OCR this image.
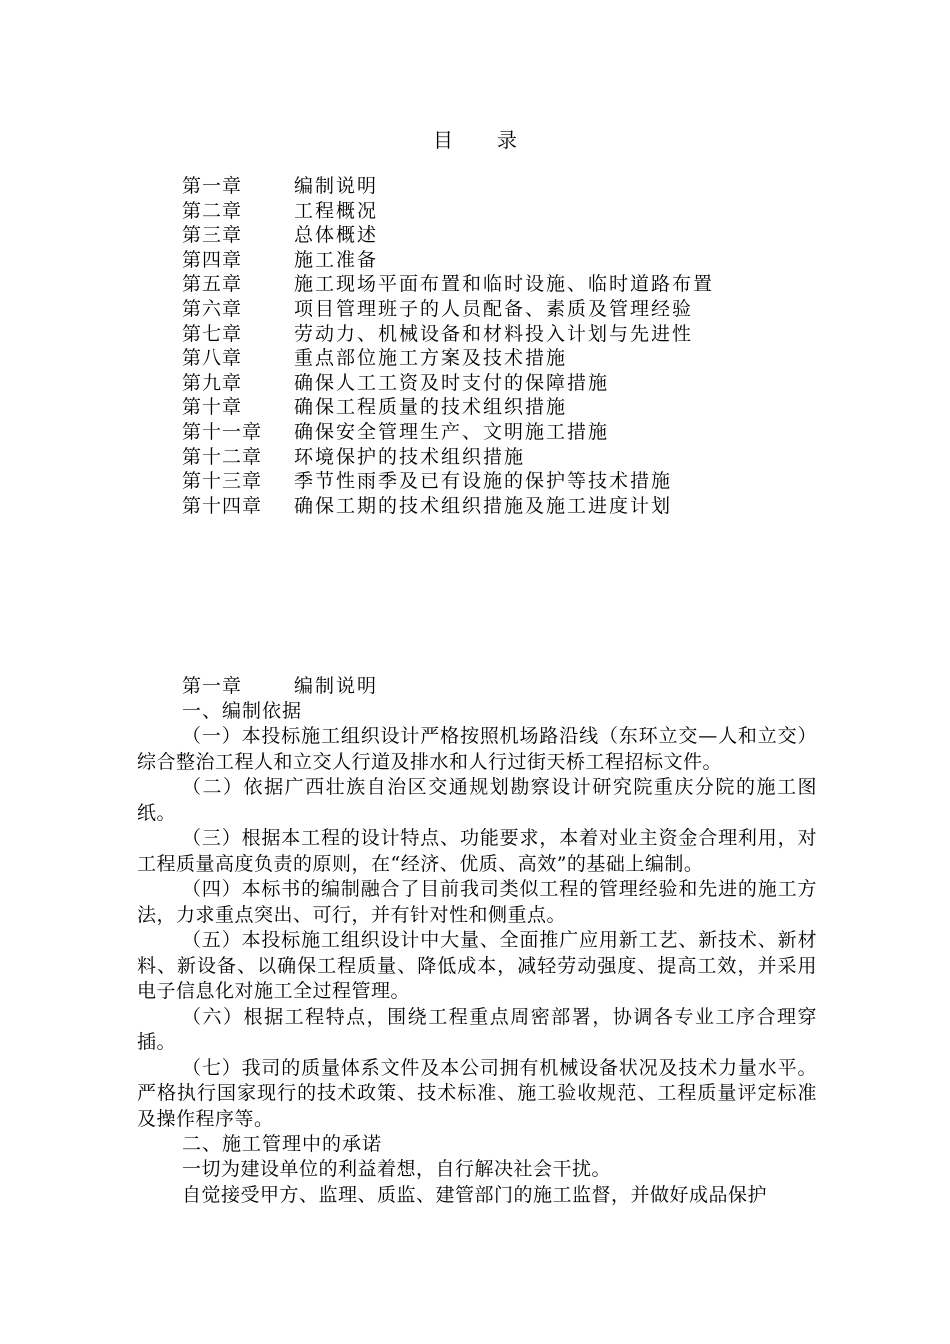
目录
第一章	编制说明
第二章	工程概况
第三章	总体概述
第四章	施工准备
第五章	施工现场平面布置和临时设施、临时道路布置
第六章	项目管理班子的人员配备、素质及管理经验
第七章	劳动力、机械设备和材料投入计划与先进性
第八章	重点部位施工方案及技术措施
第九章	确保人工工资及时支付的保障措施
第十章	确保工程质量的技术组织措施
第十一章 确保安全管理生产、文明施工措施
第十二章 环境保护的技术组织措施
第十三章 季节性雨季及已有设施的保护等技术措施
第十四章 确保工期的技术组织措施及施工进度计划
第一章	编制说明
一、编制依据

（一）本投标施工组织设计严格按照机场路沿线（东环立交—人和立交）综合整治工程人和立交人行道及排水和人行过街天桥工程招标文件。

（二）依据广西壮族自治区交通规划勘察设计研究院重庆分院的施工图纸。

（三）根据本工程的设计特点、功能要求，本着对业主资金合理利用，对工程质量高度负责的原则，在“经济、优质、高效”的基础上编制。

（四）本标书的编制融合了目前我司类似工程的管理经验和先进的施工方法，力求重点突出、可行，并有针对性和侧重点。

（五）本投标施工组织设计中大量、全面推广应用新工艺、新技术、新材料、新设备、以确保工程质量、降低成本，减轻劳动强度、提高工效，并采用电子信息化对施工全过程管理。

（六）根据工程特点，围绕工程重点周密部署，协调各专业工序合理穿插。

（七）我司的质量体系文件及本公司拥有机械设备状况及技术力量水平。严格执行国家现行的技术政策、技术标准、施工验收规范、工程质量评定标准及操作程序等。

二、施工管理中的承诺

一切为建设单位的利益着想，自行解决社会干扰。

自觉接受甲方、监理、质监、建管部门的施工监督，并做好成品保护
